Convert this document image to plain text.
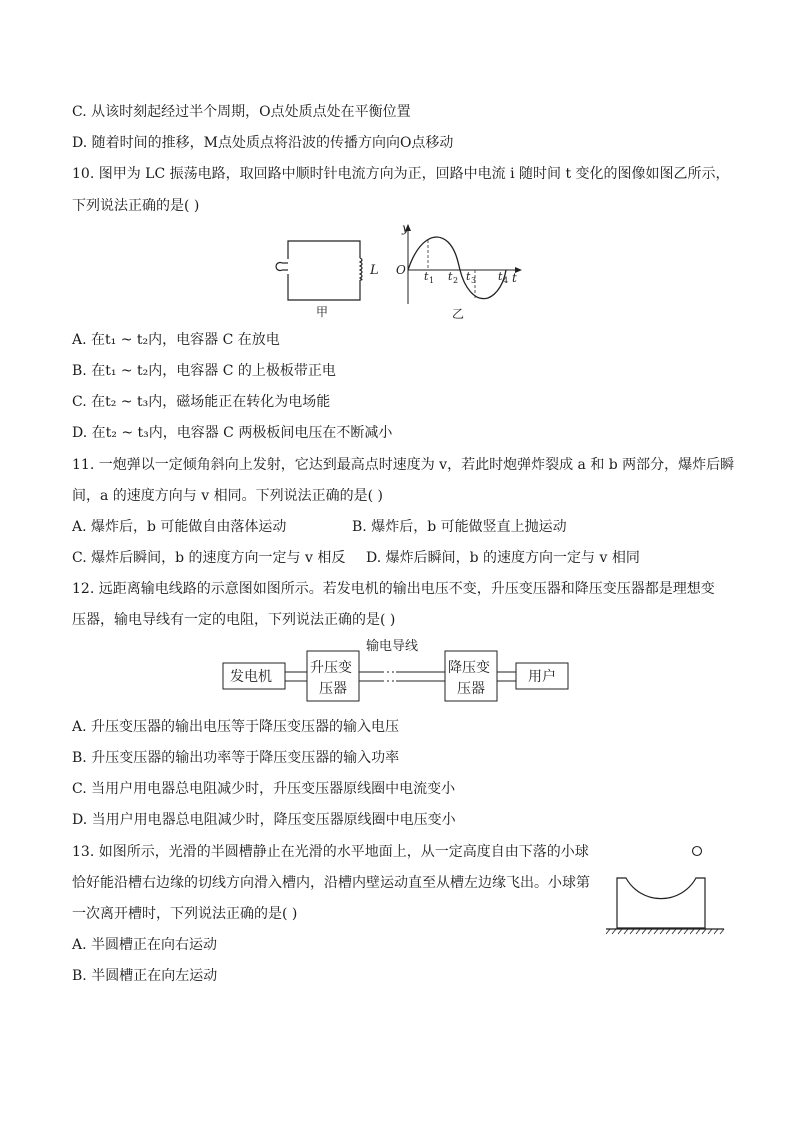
C. 从该时刻起经过半个周期，O点处质点处在平衡位置
D. 随着时间的推移，M点处质点将沿波的传播方向向O点移动
10. 图甲为 LC 振荡电路，取回路中顺时针电流方向为正，回路中电流 i 随时间 t 变化的图像如图乙所示，
下列说法正确的是( )
L
甲
y
O
t
t 1 t 2 t 3 t 4
乙
A. 在t₁ ~ t₂内，电容器 C 在放电
B. 在t₁ ~ t₂内，电容器 C 的上极板带正电
C. 在t₂ ~ t₃内，磁场能正在转化为电场能
D. 在t₂ ~ t₃内，电容器 C 两极板间电压在不断减小
11. 一炮弹以一定倾角斜向上发射，它达到最高点时速度为 v，若此时炮弹炸裂成 a 和 b 两部分，爆炸后瞬
间，a 的速度方向与 v 相同。下列说法正确的是( )
A. 爆炸后，b 可能做自由落体运动	B. 爆炸后，b 可能做竖直上抛运动
C. 爆炸后瞬间，b 的速度方向一定与 v 相反 D. 爆炸后瞬间，b 的速度方向一定与 v 相同
12. 远距离输电线路的示意图如图所示。若发电机的输出电压不变，升压变压器和降压变压器都是理想变
压器，输电导线有一定的电阻，下列说法正确的是( )
输电导线
发电机
升压变
压器
降压变
压器
用户
A. 升压变压器的输出电压等于降压变压器的输入电压
B. 升压变压器的输出功率等于降压变压器的输入功率
C. 当用户用电器总电阻减少时，升压变压器原线圈中电流变小
D. 当用户用电器总电阻减少时，降压变压器原线圈中电压变小
13. 如图所示，光滑的半圆槽静止在光滑的水平地面上，从一定高度自由下落的小球
恰好能沿槽右边缘的切线方向滑入槽内，沿槽内壁运动直至从槽左边缘飞出。小球第
一次离开槽时，下列说法正确的是( )
A. 半圆槽正在向右运动
B. 半圆槽正在向左运动
